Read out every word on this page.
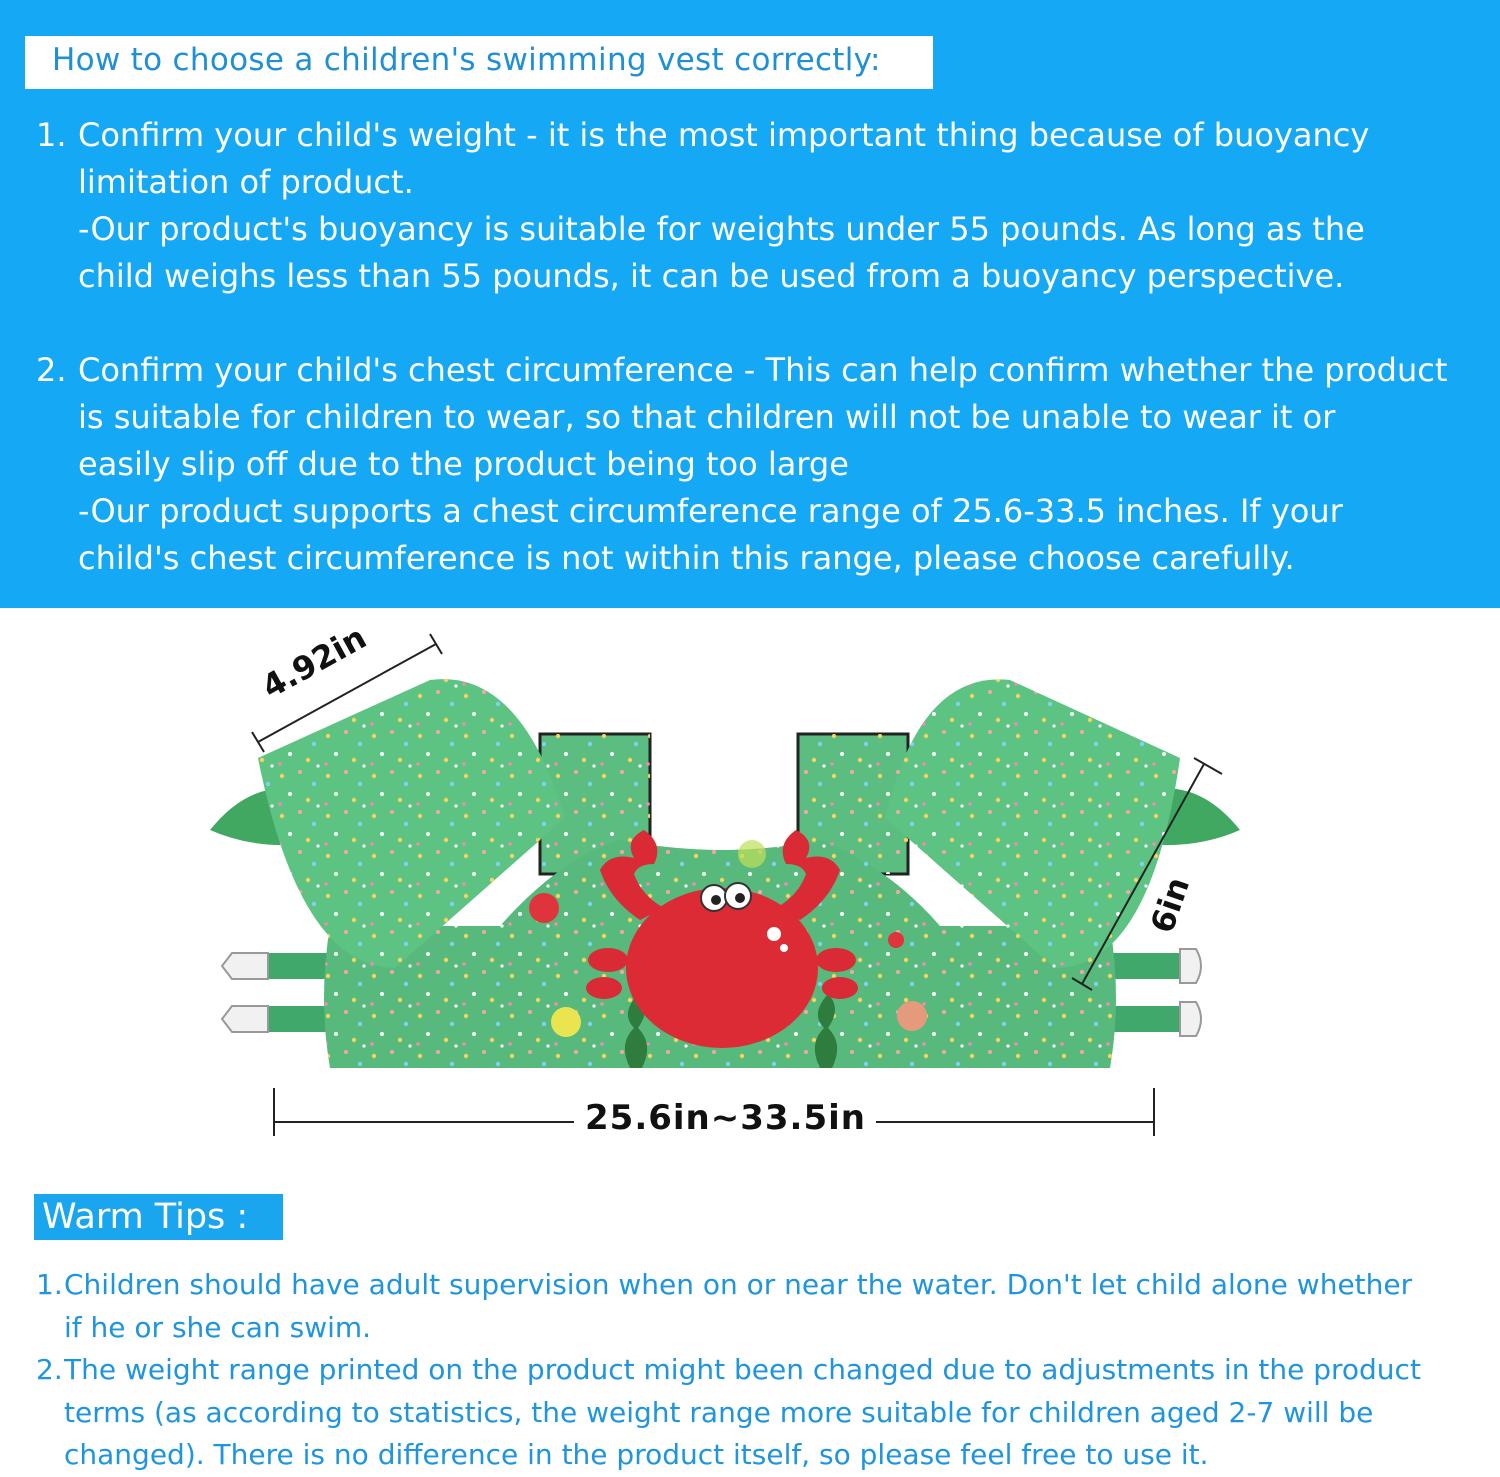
How to choose a children's swimming vest correctly:
1. Confirm your child's weight - it is the most important thing because of buoyancy
limitation of product.
-Our product's buoyancy is suitable for weights under 55 pounds. As long as the
child weighs less than 55 pounds, it can be used from a buoyancy perspective.
2. Confirm your child's chest circumference - This can help confirm whether the product
is suitable for children to wear, so that children will not be unable to wear it or
easily slip off due to the product being too large
-Our product supports a chest circumference range of 25.6-33.5 inches. If your
child's chest circumference is not within this range, please choose carefully.
4.92in
6in
25.6in~33.5in
Warm Tips :
1. Children should have adult supervision when on or near the water. Don't let child alone whether
if he or she can swim.
2. The weight range printed on the product might been changed due to adjustments in the product
terms (as according to statistics, the weight range more suitable for children aged 2-7 will be
changed). There is no difference in the product itself, so please feel free to use it.
